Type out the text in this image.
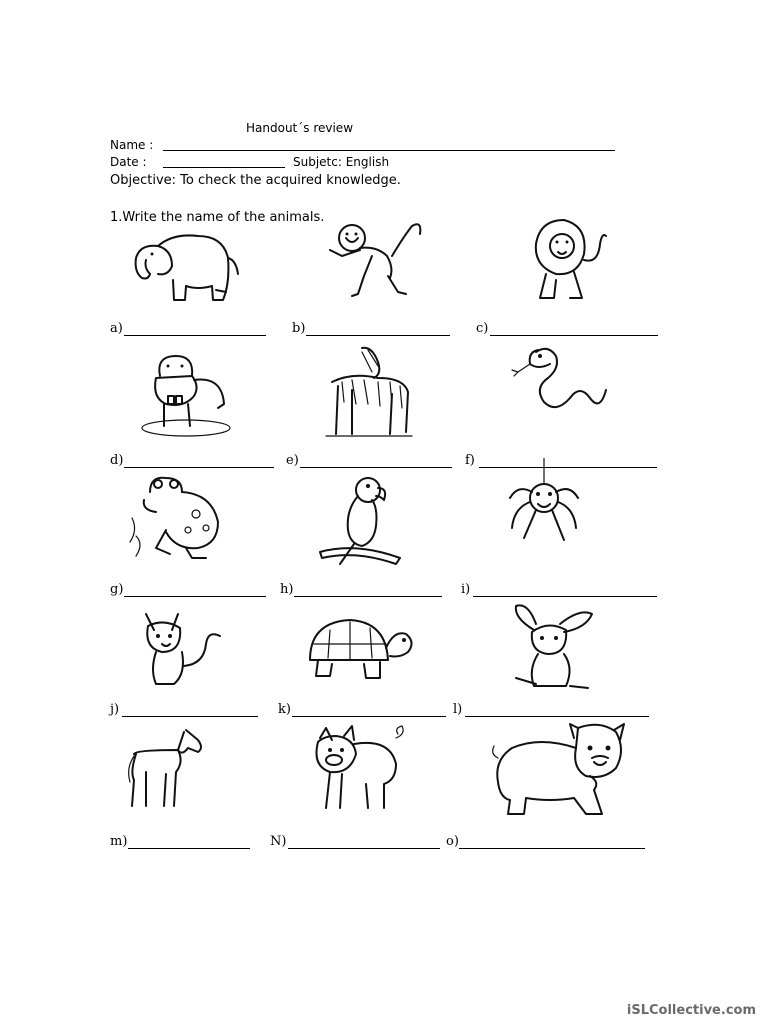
Handout´s review
Name :
Date :	Subjetc: English
Objective: To check the acquired knowledge.
1.Write the name of the animals.
a)	b)	c)
d)	e)	f)
g)	h)	i)
j)	k)	l)
m)	N)	o)
iSLCollective.com
